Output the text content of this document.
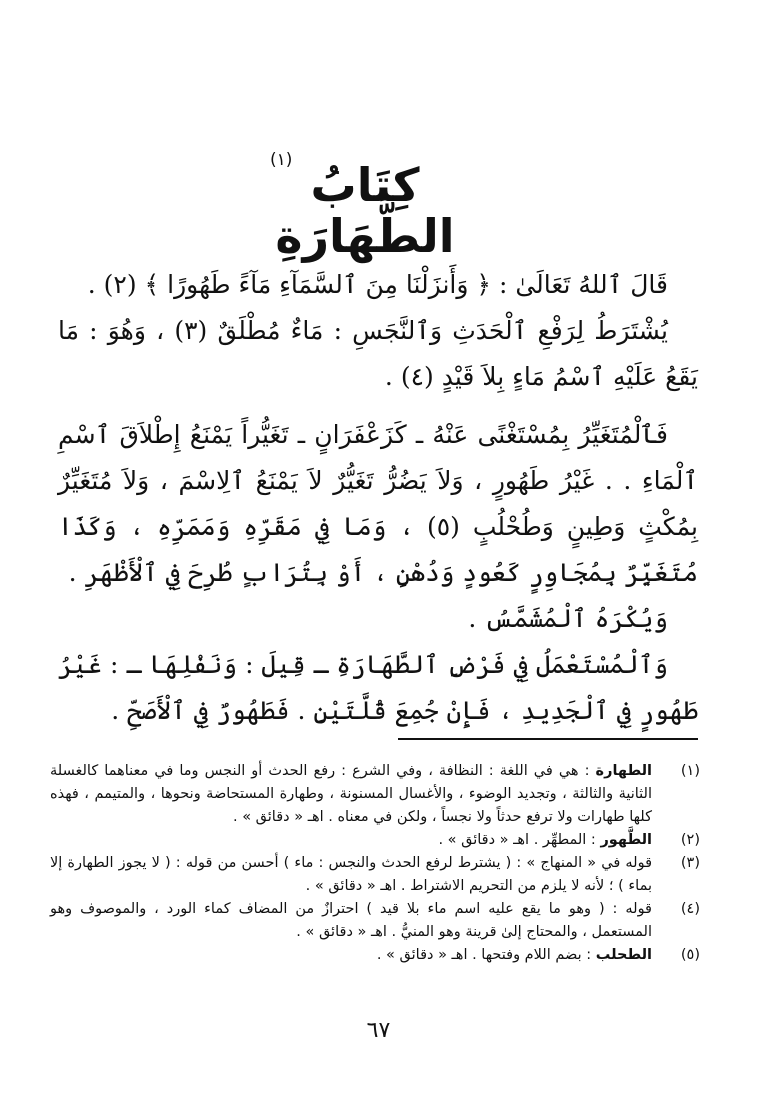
(١) كِتَابُ الطَّهَارَةِ

قَالَ ٱللهُ تَعَالَىٰ : ﴿ وَأَنزَلْنَا مِنَ ٱلسَّمَآءِ مَآءً طَهُورًا ﴾ (٢) .

يُشْتَرَطُ لِرَفْعِ ٱلْحَدَثِ وَٱلنَّجَسِ : مَاءٌ مُطْلَقٌ (٣) ، وَهُوَ : مَا يَقَعُ عَلَيْهِ ٱسْمُ مَاءٍ بِلاَ قَيْدٍ (٤) .

فَٱلْمُتَغَيِّرُ بِمُسْتَغْنًى عَنْهُ ـ كَزَعْفَرَانٍ ـ تَغَيُّراً يَمْنَعُ إِطْلاَقَ ٱسْمِ ٱلْمَاءِ . . غَيْرُ طَهُورٍ ، وَلاَ يَضُرُّ تَغَيُّرٌ لاَ يَمْنَعُ ٱلِاسْمَ ، وَلاَ مُتَغَيِّرٌ بِمُكْثٍ وَطِينٍ وَطُحْلُبٍ (٥) ، وَمَا فِي مَقَرِّهِ وَمَمَرِّهِ ، وَكَذَا مُتَغَيِّرٌ بِمُجَاوِرٍ كَعُودٍ وَدُهْنٍ ، أَوْ بِتُرَابٍ طُرِحَ فِي ٱلْأَظْهَرِ .

وَيُكْرَهُ ٱلْمُشَمَّسُ .

وَٱلْمُسْتَعْمَلُ فِي فَرْضِ ٱلطَّهَارَةِ ـ قِيلَ : وَنَفْلِهَا ـ : غَيْرُ طَهُورٍ فِي ٱلْجَدِيدِ ، فَإِنْ جُمِعَ قُلَّتَيْنِ . فَطَهُورٌ فِي ٱلْأَصَحِّ .

(١)
الطهارة : هي في اللغة : النظافة ، وفي الشرع : رفع الحدث أو النجس وما في معناهما كالغسلة الثانية والثالثة ، وتجديد الوضوء ، والأغسال المسنونة ، وطهارة المستحاضة ونحوها ، والمتيمم ، فهذه كلها طهارات ولا ترفع حدثاً ولا نجساً ، ولكن في معناه . اهـ « دقائق » .
(٢)
الطَّهور : المطهِّر . اهـ « دقائق » .
(٣)
قوله في « المنهاج » : ( يشترط لرفع الحدث والنجس : ماء ) أحسن من قوله : ( لا يجوز الطهارة إلا بماء ) ؛ لأنه لا يلزم من التحريم الاشتراط . اهـ « دقائق » .
(٤)
قوله : ( وهو ما يقع عليه اسم ماء بلا قيد ) احترازٌ من المضاف كماء الورد ، والموصوف وهو المستعمل ، والمحتاج إلىٰ قرينة وهو المنيُّ . اهـ « دقائق » .
(٥)
الطحلب : بضم اللام وفتحها . اهـ « دقائق » .
٦٧
